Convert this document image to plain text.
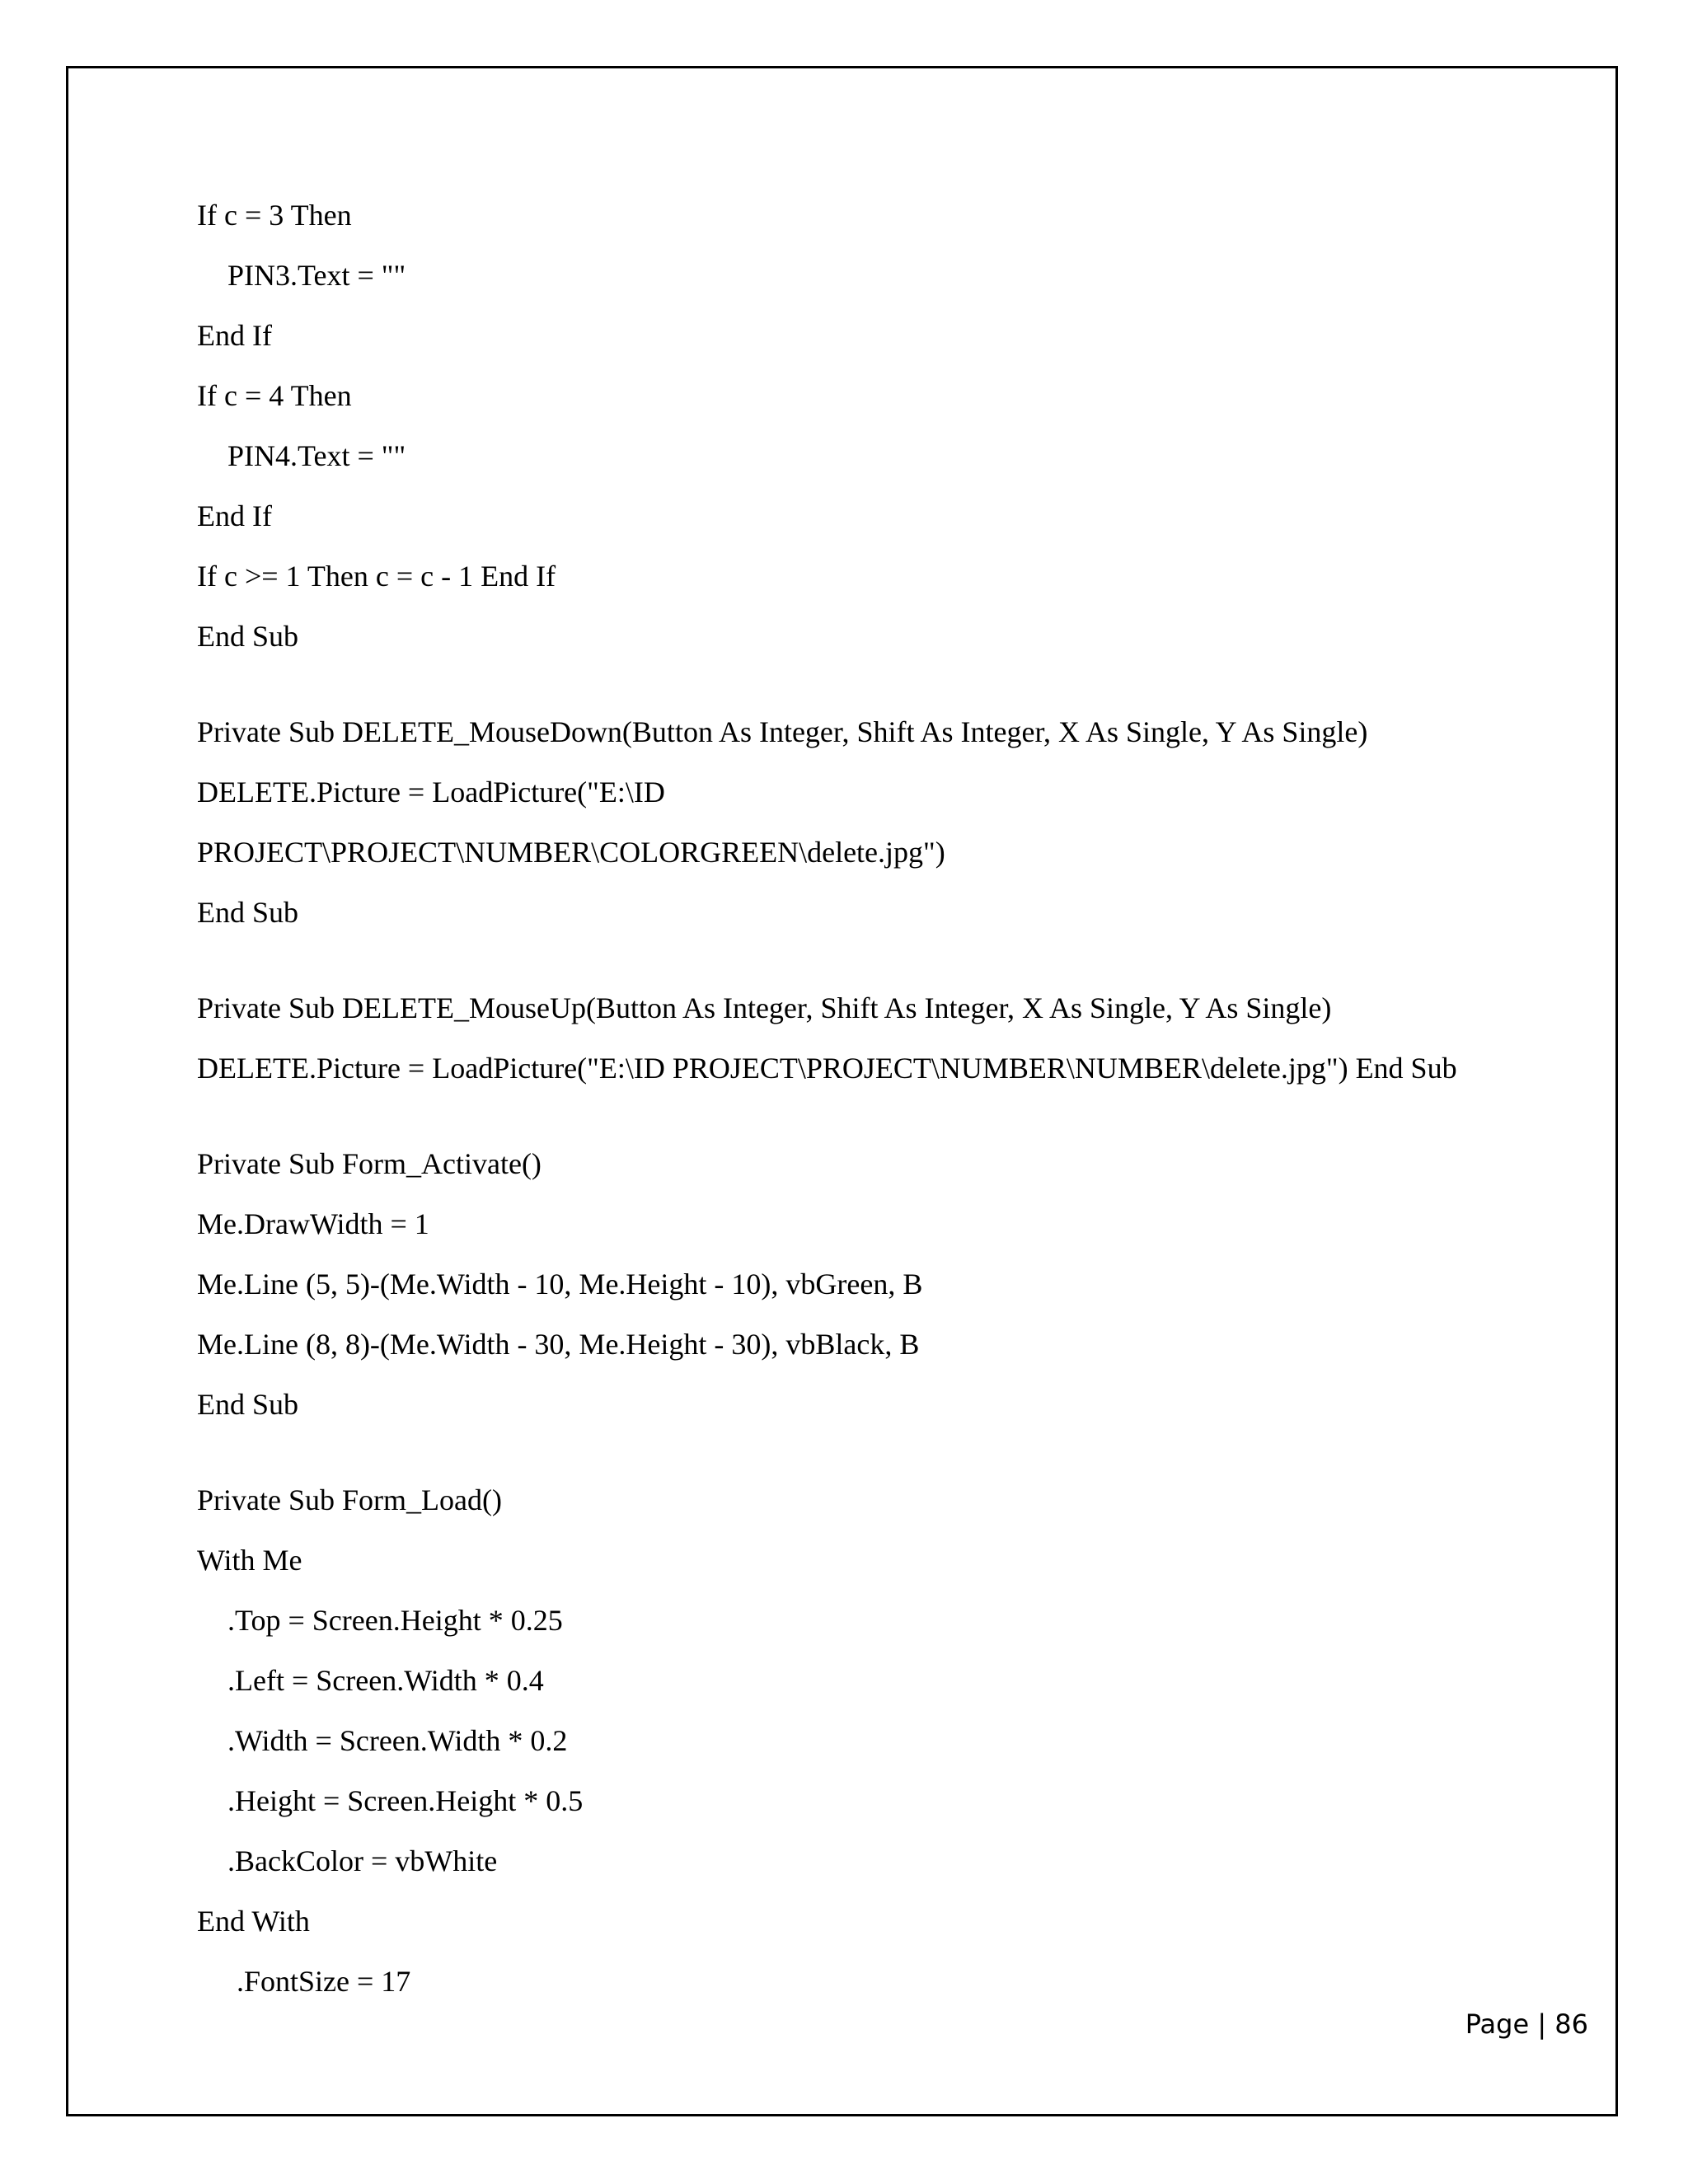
If c = 3 Then
PIN3.Text = ""
End If
If c = 4 Then
PIN4.Text = ""
End If
If c >= 1 Then c = c - 1 End If
End Sub
Private Sub DELETE_MouseDown(Button As Integer, Shift As Integer, X As Single, Y As Single)
DELETE.Picture = LoadPicture("E:\ID
PROJECT\PROJECT\NUMBER\COLORGREEN\delete.jpg")
End Sub
Private Sub DELETE_MouseUp(Button As Integer, Shift As Integer, X As Single, Y As Single)
DELETE.Picture = LoadPicture("E:\ID PROJECT\PROJECT\NUMBER\NUMBER\delete.jpg") End Sub
Private Sub Form_Activate()
Me.DrawWidth = 1
Me.Line (5, 5)-(Me.Width - 10, Me.Height - 10), vbGreen, B
Me.Line (8, 8)-(Me.Width - 30, Me.Height - 30), vbBlack, B
End Sub
Private Sub Form_Load()
With Me
.Top = Screen.Height * 0.25
.Left = Screen.Width * 0.4
.Width = Screen.Width * 0.2
.Height = Screen.Height * 0.5
.BackColor = vbWhite
End With
.FontSize = 17
Page | 86
